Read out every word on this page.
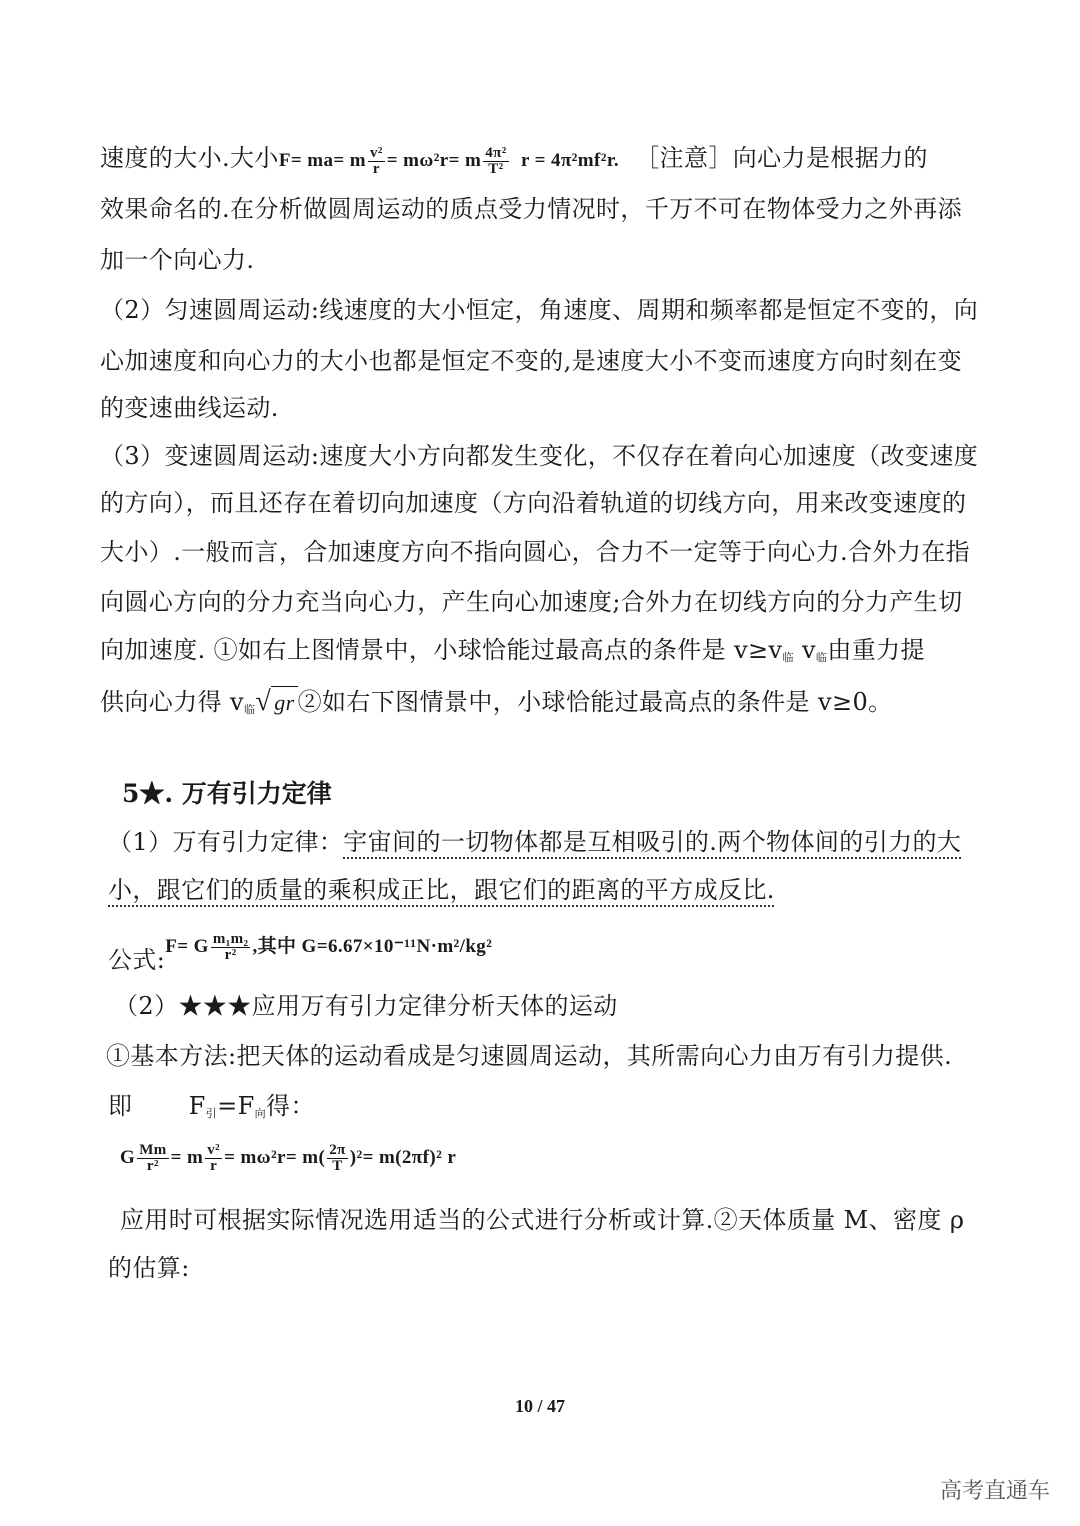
速度的大小.大小F= ma= m $\frac{\text{v²}}{r} = m\omega^2r= m \frac{\text{4π²}}{\text{T²}}$ r = 4π²mf²r. ［注意］向心力是根据力的
效果命名的.在分析做圆周运动的质点受力情况时，千万不可在物体受力之外再添
加一个向心力.
（2）匀速圆周运动:线速度的大小恒定，角速度、周期和频率都是恒定不变的，向
心加速度和向心力的大小也都是恒定不变的,是速度大小不变而速度方向时刻在变
的变速曲线运动.
（3）变速圆周运动:速度大小方向都发生变化，不仅存在着向心加速度（改变速度
的方向），而且还存在着切向加速度（方向沿着轨道的切线方向，用来改变速度的
大小）.一般而言，合加速度方向不指向圆心，合力不一定等于向心力.合外力在指
向圆心方向的分力充当向心力，产生向心加速度;合外力在切线方向的分力产生切
向加速度. ①如右上图情景中，小球恰能过最高点的条件是 $v\ge v_临$ $v_临$由重力提
供向心力得 $v_临√$ gr ②如右下图情景中，小球恰能过最高点的条件是 v≥0。
5★. 万有引力定律
（1）万有引力定律：宇宙间的一切物体都是互相吸引的.两个物体间的引力的大
小，跟它们的质量的乘积成正比，跟它们的距离的平方成反比.
公式:$^{F= G \frac{\text{m₁m₂}}{\text{r²}} ,其中 G=6.67\times 10^{-11}N\cdot m^2/kg^2}$
（2）★★★应用万有引力定律分析天体的运动
①基本方法:把天体的运动看成是匀速圆周运动，其所需向心力由万有引力提供.
即 $F_引=F_向$得：
G $\frac{Mm}{\text{r²}} = m \frac{\text{v²}}{r} = m\omega^2r= m( \frac{2\pi}{T} )^2= m(2\pi f)^2$ r
应用时可根据实际情况选用适当的公式进行分析或计算.②天体质量 M、密度 ρ
的估算:
10 / 47
高考直通车
